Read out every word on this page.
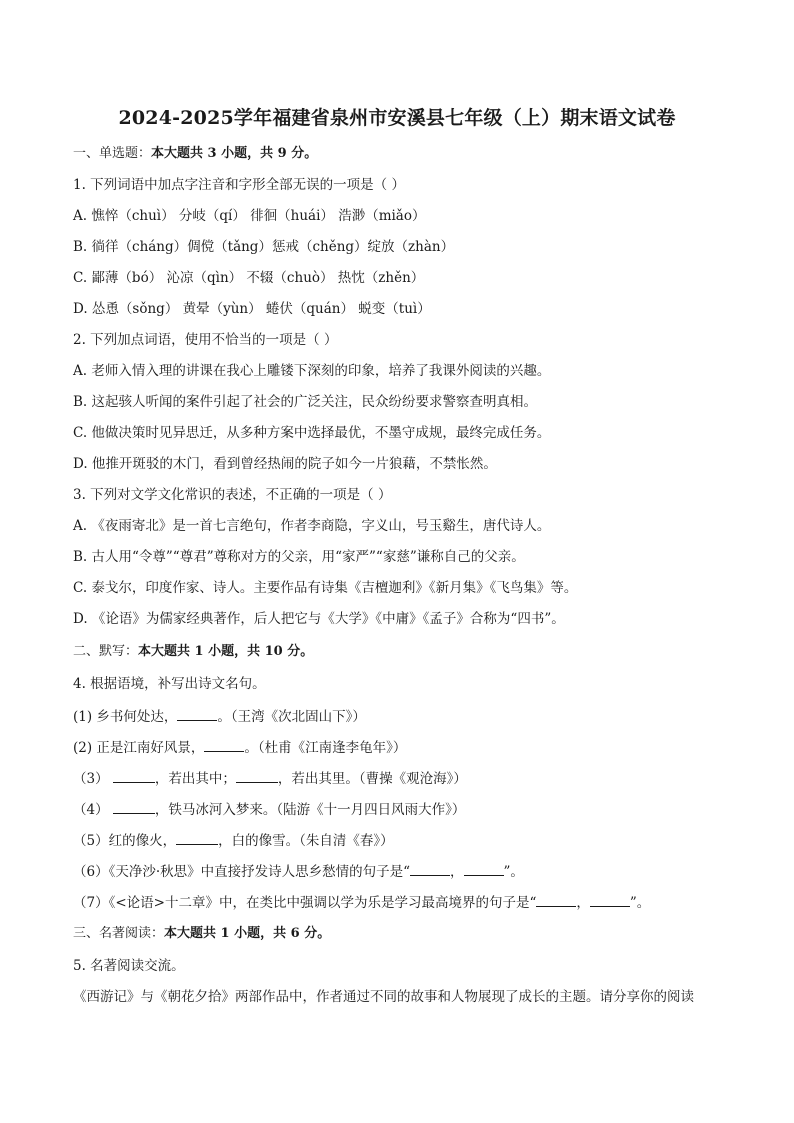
2024-2025学年福建省泉州市安溪县七年级（上）期末语文试卷
一、单选题：本大题共 3 小题，共 9 分。
1. 下列词语中加点字注音和字形全部无误的一项是（ ）
A. 憔悴（chuì） 分岐（qí） 徘徊（huái） 浩渺（miǎo）
B. 徜徉（cháng）倜傥（tǎng）惩戒（chěng）绽放（zhàn）
C. 鄙薄（bó） 沁凉（qìn） 不辍（chuò） 热忱（zhěn）
D. 怂恿（sǒng） 黄晕（yùn） 蜷伏（quán） 蜕变（tuì）
2. 下列加点词语，使用不恰当的一项是（ ）
A. 老师入情入理的讲课在我心上雕镂下深刻的印象，培养了我课外阅读的兴趣。
B. 这起骇人听闻的案件引起了社会的广泛关注，民众纷纷要求警察查明真相。
C. 他做决策时见异思迁，从多种方案中选择最优，不墨守成规，最终完成任务。
D. 他推开斑驳的木门，看到曾经热闹的院子如今一片狼藉，不禁怅然。
3. 下列对文学文化常识的表述，不正确的一项是（ ）
A. 《夜雨寄北》是一首七言绝句，作者李商隐，字义山，号玉谿生，唐代诗人。
B. 古人用“令尊”“尊君”尊称对方的父亲，用“家严”“家慈”谦称自己的父亲。
C. 泰戈尔，印度作家、诗人。主要作品有诗集《吉檀迦利》《新月集》《飞鸟集》等。
D. 《论语》为儒家经典著作，后人把它与《大学》《中庸》《孟子》合称为“四书”。
二、默写：本大题共 1 小题，共 10 分。
4. 根据语境，补写出诗文名句。
(1) 乡书何处达，	。（王湾《次北固山下》）
(2) 正是江南好风景，	。（杜甫《江南逢李龟年》）
（3）	，若出其中；	，若出其里。（曹操《观沧海》）
（4）	，铁马冰河入梦来。（陆游《十一月四日风雨大作》）
（5）红的像火，	，白的像雪。（朱自清《春》）
（6）《天净沙·秋思》中直接抒发诗人思乡愁情的句子是“	，	”。
（7）《<论语>十二章》中，在类比中强调以学为乐是学习最高境界的句子是“	，	”。
三、名著阅读：本大题共 1 小题，共 6 分。
5. 名著阅读交流。
《西游记》与《朝花夕拾》两部作品中，作者通过不同的故事和人物展现了成长的主题。请分享你的阅读
